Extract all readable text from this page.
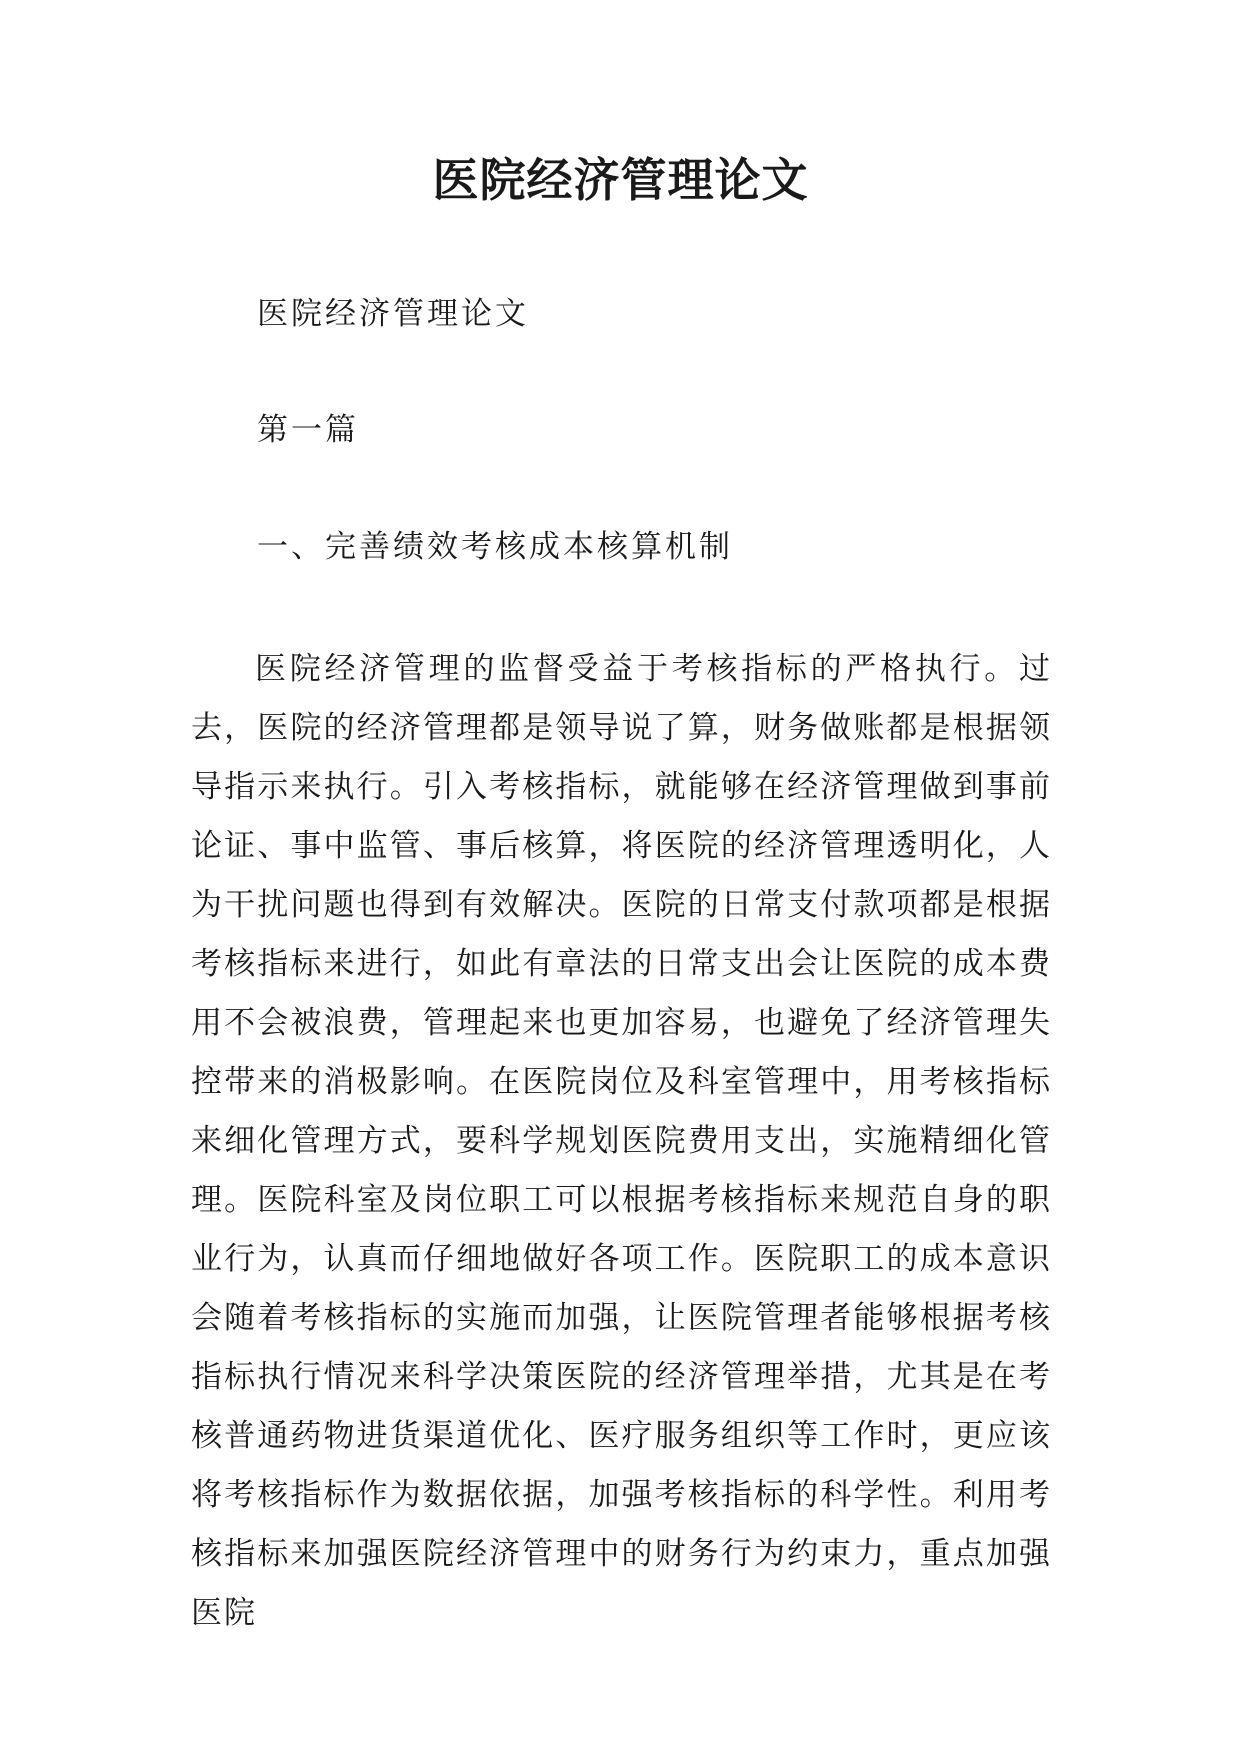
医院经济管理论文

医院经济管理论文

第一篇

一、完善绩效考核成本核算机制

医院经济管理的监督受益于考核指标的严格执行。过去，医院的经济管理都是领导说了算，财务做账都是根据领导指示来执行。引入考核指标，就能够在经济管理做到事前论证、事中监管、事后核算，将医院的经济管理透明化，人为干扰问题也得到有效解决。医院的日常支付款项都是根据考核指标来进行，如此有章法的日常支出会让医院的成本费用不会被浪费，管理起来也更加容易，也避免了经济管理失控带来的消极影响。在医院岗位及科室管理中，用考核指标来细化管理方式，要科学规划医院费用支出，实施精细化管理。医院科室及岗位职工可以根据考核指标来规范自身的职业行为，认真而仔细地做好各项工作。医院职工的成本意识会随着考核指标的实施而加强，让医院管理者能够根据考核指标执行情况来科学决策医院的经济管理举措，尤其是在考核普通药物进货渠道优化、医疗服务组织等工作时，更应该将考核指标作为数据依据，加强考核指标的科学性。利用考核指标来加强医院经济管理中的财务行为约束力，重点加强医院
